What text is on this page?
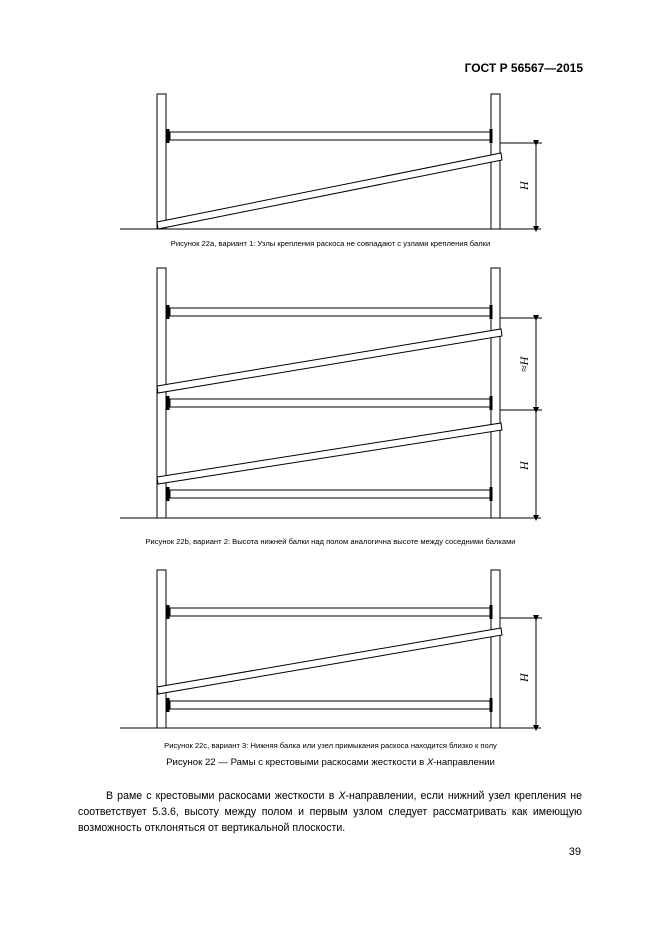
ГОСТ Р 56567—2015
H
≈H
H
H
Рисунок 22a, вариант 1: Узлы крепления раскоса не совпадают с узлами крепления балки
Рисунок 22b, вариант 2: Высота нижней балки над полом аналогична высоте между соседними балками
Рисунок 22c, вариант 3: Нижняя балка или узел примыкания раскоса находится близко к полу
Рисунок 22 — Рамы с крестовыми раскосами жесткости в X-направлении

В раме с крестовыми раскосами жесткости в X-направлении, если нижний узел крепления не соответствует 5.3.6, высоту между полом и первым узлом следует рассматривать как имеющую возможность отклоняться от вертикальной плоскости.

39
